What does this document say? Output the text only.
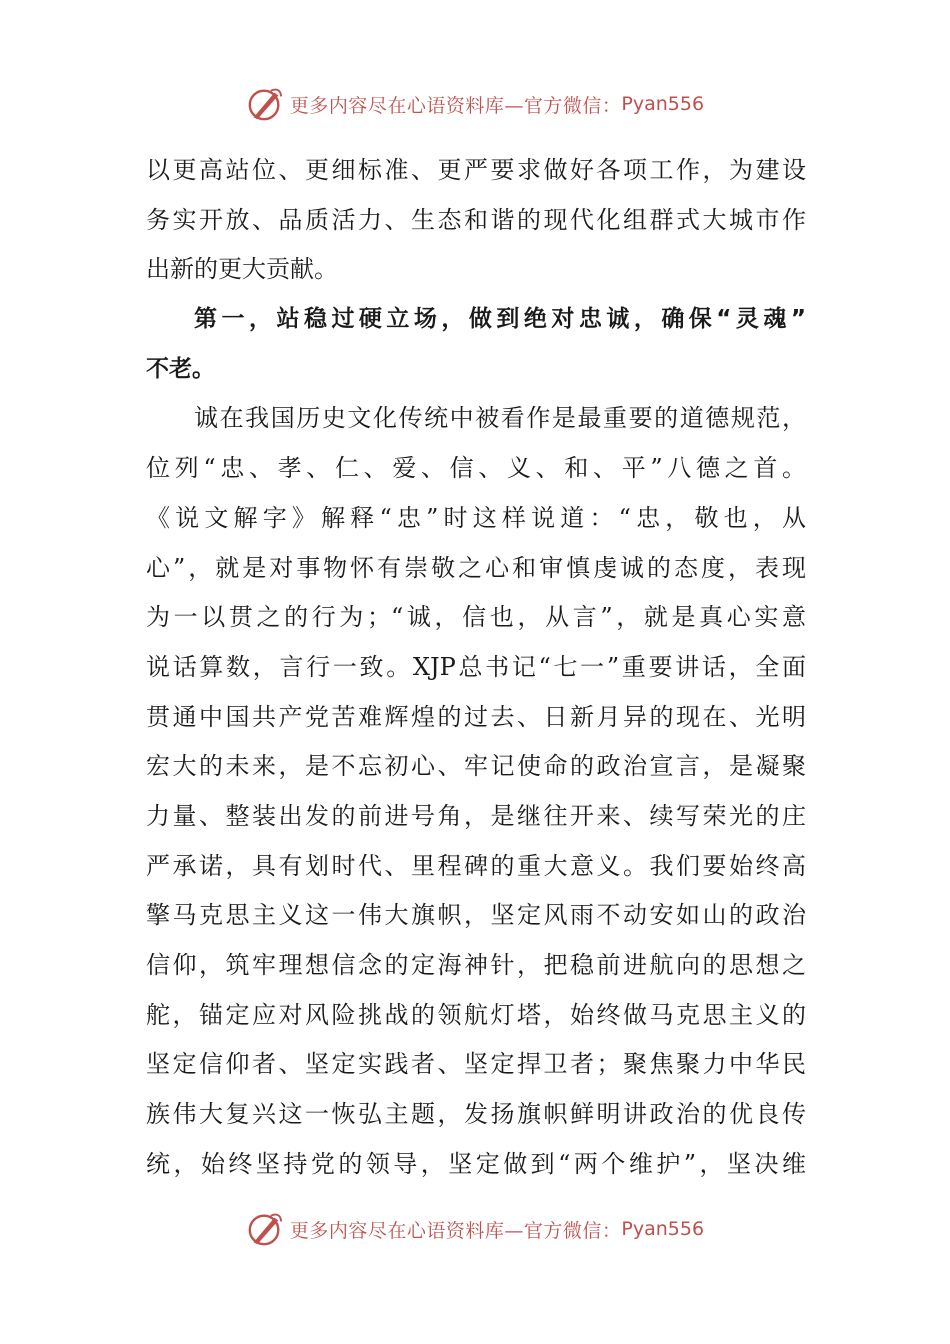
更多内容尽在心语资料库—官方微信： Pyan556
以更高站位、更细标准、更严要求做好各项工作，为建设
务实开放、品质活力、生态和谐的现代化组群式大城市作
出新的更大贡献。
第一，站稳过硬立场，做到绝对忠诚，确保“灵魂”
不老。
诚在我国历史文化传统中被看作是最重要的道德规范，
位列“忠、孝、仁、爱、信、义、和、平”八德之首。
《说文解字》解释“忠”时这样说道：“忠，敬也，从
心”，就是对事物怀有崇敬之心和审慎虔诚的态度，表现
为一以贯之的行为；“诚，信也，从言”，就是真心实意
说话算数，言行一致。XJP总书记“七一”重要讲话，全面
贯通中国共产党苦难辉煌的过去、日新月异的现在、光明
宏大的未来，是不忘初心、牢记使命的政治宣言，是凝聚
力量、整装出发的前进号角，是继往开来、续写荣光的庄
严承诺，具有划时代、里程碑的重大意义。我们要始终高
擎马克思主义这一伟大旗帜，坚定风雨不动安如山的政治
信仰，筑牢理想信念的定海神针，把稳前进航向的思想之
舵，锚定应对风险挑战的领航灯塔，始终做马克思主义的
坚定信仰者、坚定实践者、坚定捍卫者；聚焦聚力中华民
族伟大复兴这一恢弘主题，发扬旗帜鲜明讲政治的优良传
统，始终坚持党的领导，坚定做到“两个维护”，坚决维
更多内容尽在心语资料库—官方微信： Pyan556
